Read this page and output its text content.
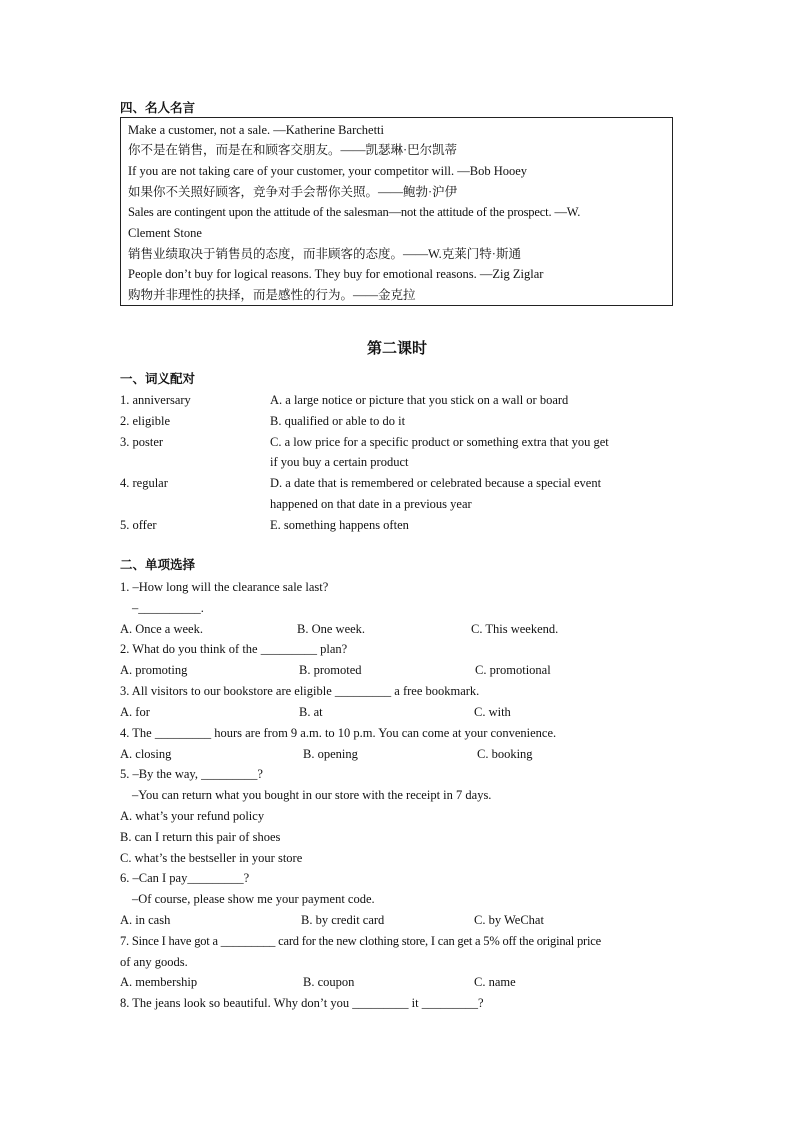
四、名人名言
Make a customer, not a sale. —Katherine Barchetti
你不是在销售，而是在和顾客交朋友。——凯瑟琳·巴尔凯蒂
If you are not taking care of your customer, your competitor will. —Bob Hooey
如果你不关照好顾客，竞争对手会帮你关照。——鲍勃·沪伊
Sales are contingent upon the attitude of the salesman—not the attitude of the prospect. —W.
Clement Stone
销售业绩取决于销售员的态度，而非顾客的态度。——W.克莱门特·斯通
People don’t buy for logical reasons. They buy for emotional reasons. —Zig Ziglar
购物并非理性的抉择，而是感性的行为。——金克拉
第二课时
一、词义配对
1. anniversary	A. a large notice or picture that you stick on a wall or board
2. eligible	B. qualified or able to do it
3. poster	C. a low price for a specific product or something extra that you get
if you buy a certain product
4. regular	D. a date that is remembered or celebrated because a special event
happened on that date in a previous year
5. offer	E. something happens often
二、单项选择
1. –How long will the clearance sale last?
–__________.
A. Once a week.	B. One week.	C. This weekend.
2. What do you think of the _________ plan?
A. promoting	B. promoted	C. promotional
3. All visitors to our bookstore are eligible _________ a free bookmark.
A. for	B. at	C. with
4. The _________ hours are from 9 a.m. to 10 p.m. You can come at your convenience.
A. closing	B. opening	C. booking
5. –By the way, _________?
–You can return what you bought in our store with the receipt in 7 days.
A. what’s your refund policy
B. can I return this pair of shoes
C. what’s the bestseller in your store
6. –Can I pay_________?
–Of course, please show me your payment code.
A. in cash	B. by credit card	C. by WeChat
7. Since I have got a _________ card for the new clothing store, I can get a 5% off the original price
of any goods.
A. membership	B. coupon	C. name
8. The jeans look so beautiful. Why don’t you _________ it _________?
